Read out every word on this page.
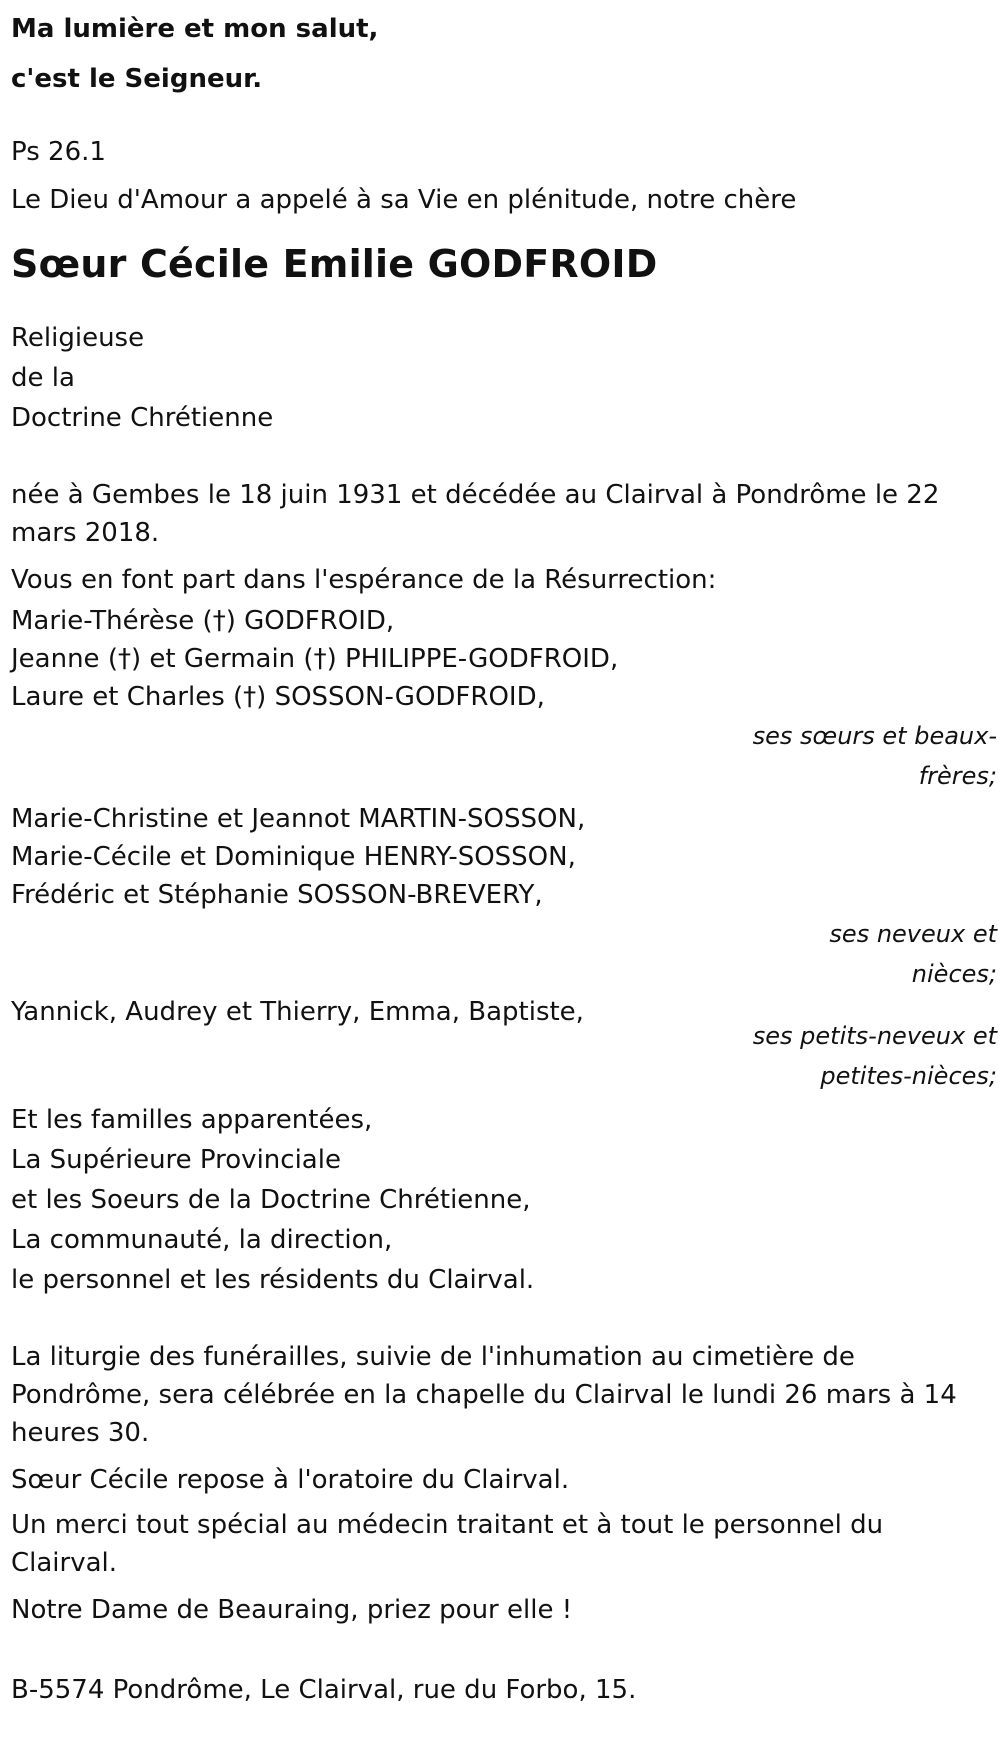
Ma lumière et mon salut,
c'est le Seigneur.
Ps 26.1
Le Dieu d'Amour a appelé à sa Vie en plénitude, notre chère
Sœur Cécile Emilie GODFROID
Religieuse
de la
Doctrine Chrétienne
née à Gembes le 18 juin 1931 et décédée au Clairval à Pondrôme le 22 mars 2018.
Vous en font part dans l'espérance de la Résurrection:
Marie-Thérèse (†) GODFROID,
Jeanne (†) et Germain (†) PHILIPPE-GODFROID,
Laure et Charles (†) SOSSON-GODFROID,
ses sœurs et beaux-frères;
Marie-Christine et Jeannot MARTIN-SOSSON,
Marie-Cécile et Dominique HENRY-SOSSON,
Frédéric et Stéphanie SOSSON-BREVERY,
ses neveux et nièces;
Yannick, Audrey et Thierry, Emma, Baptiste,
ses petits-neveux et petites-nièces;
Et les familles apparentées,
La Supérieure Provinciale
et les Soeurs de la Doctrine Chrétienne,
La communauté, la direction,
le personnel et les résidents du Clairval.
La liturgie des funérailles, suivie de l'inhumation au cimetière de Pondrôme, sera célébrée en la chapelle du Clairval le lundi 26 mars à 14 heures 30.
Sœur Cécile repose à l'oratoire du Clairval.
Un merci tout spécial au médecin traitant et à tout le personnel du Clairval.
Notre Dame de Beauraing, priez pour elle !
B-5574 Pondrôme, Le Clairval, rue du Forbo, 15.
